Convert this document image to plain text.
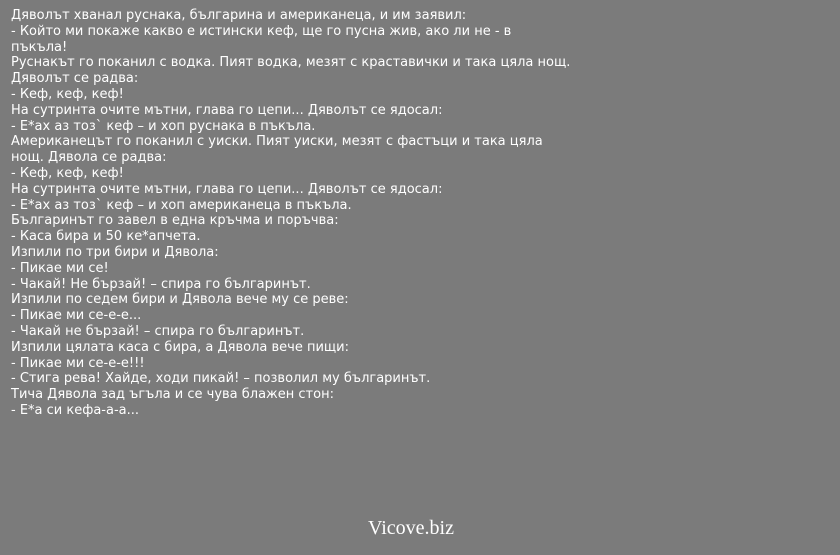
Дяволът хванал руснака, българина и американеца, и им заявил:
- Който ми покаже какво е истински кеф, ще го пусна жив, ако ли не - в пъкъла!
Руснакът го поканил с водка. Пият водка, мезят с краставички и така цяла нощ. Дяволът се радва:
- Кеф, кеф, кеф!
На сутринта очите мътни, глава го цепи... Дяволът се ядосал:
- Е*ах аз тоз` кеф – и хоп руснака в пъкъла.
Американецът го поканил с уиски. Пият уиски, мезят с фастъци и така цяла нощ. Дявола се радва:
- Кеф, кеф, кеф!
На сутринта очите мътни, глава го цепи... Дяволът се ядосал:
- Е*ах аз тоз` кеф – и хоп американеца в пъкъла.
Българинът го завел в една кръчма и поръчва:
- Каса бира и 50 ке*апчета.
Изпили по три бири и Дявола:
- Пикае ми се!
- Чакай! Не бързай! – спира го българинът.
Изпили по седем бири и Дявола вече му се реве:
- Пикае ми се-е-е...
- Чакай не бързай! – спира го българинът.
Изпили цялата каса с бира, а Дявола вече пищи:
- Пикае ми се-е-е!!!
- Стига рева! Хайде, ходи пикай! – позволил му българинът.
Тича Дявола зад ъгъла и се чува блажен стон:
- Е*а си кефа-а-а...
Vicove.biz
